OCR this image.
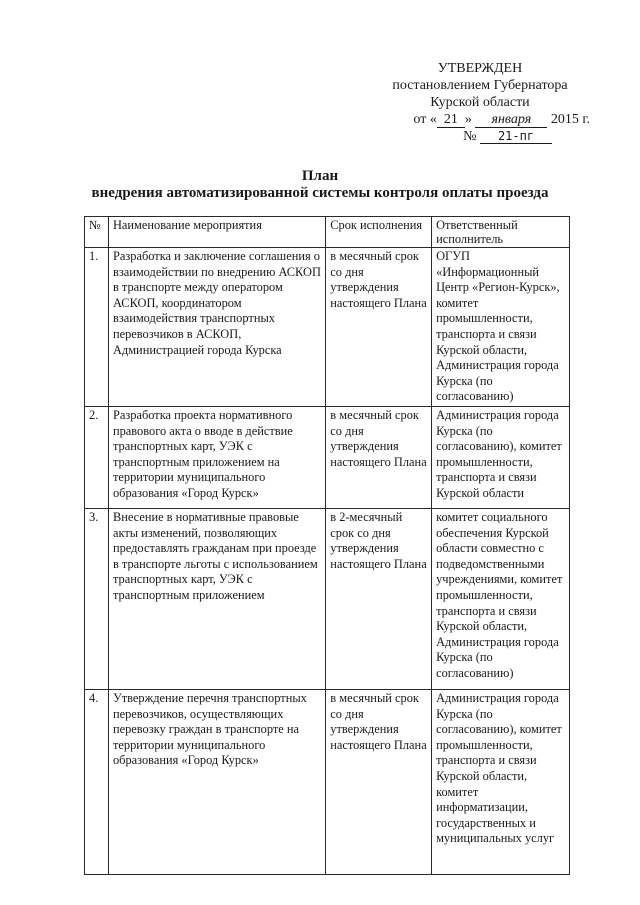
УТВЕРЖДЕН
постановлением Губернатора
Курской области
от « 21 » января 2015 г.
№ 21-пг
План
внедрения автоматизированной системы контроля оплаты проезда
№	Наименование мероприятия	Срок исполнения	Ответственный исполнитель
1.	Разработка и заключение соглашения о взаимодействии по внедрению АСКОП в транспорте между оператором АСКОП, координатором взаимодействия транспортных перевозчиков в АСКОП, Администрацией города Курска	в месячный срок со дня утверждения настоящего Плана	ОГУП «Информационный Центр «Регион-Курск», комитет промышленности, транспорта и связи Курской области, Администрация города Курска (по согласованию)
2.	Разработка проекта нормативного правового акта о вводе в действие транспортных карт, УЭК с транспортным приложением на территории муниципального образования «Город Курск»	в месячный срок со дня утверждения настоящего Плана	Администрация города Курска (по согласованию), комитет промышленности, транспорта и связи Курской области
3.	Внесение в нормативные правовые акты изменений, позволяющих предоставлять гражданам при проезде в транспорте льготы с использованием транспортных карт, УЭК с транспортным приложением	в 2-месячный срок со дня утверждения настоящего Плана	комитет социального обеспечения Курской области совместно с подведомственными учреждениями, комитет промышленности, транспорта и связи Курской области, Администрация города Курска (по согласованию)
4.	Утверждение перечня транспортных перевозчиков, осуществляющих перевозку граждан в транспорте на территории муниципального образования «Город Курск»	в месячный срок со дня утверждения настоящего Плана	Администрация города Курска (по согласованию), комитет промышленности, транспорта и связи Курской области, комитет информатизации, государственных и муниципальных услуг
